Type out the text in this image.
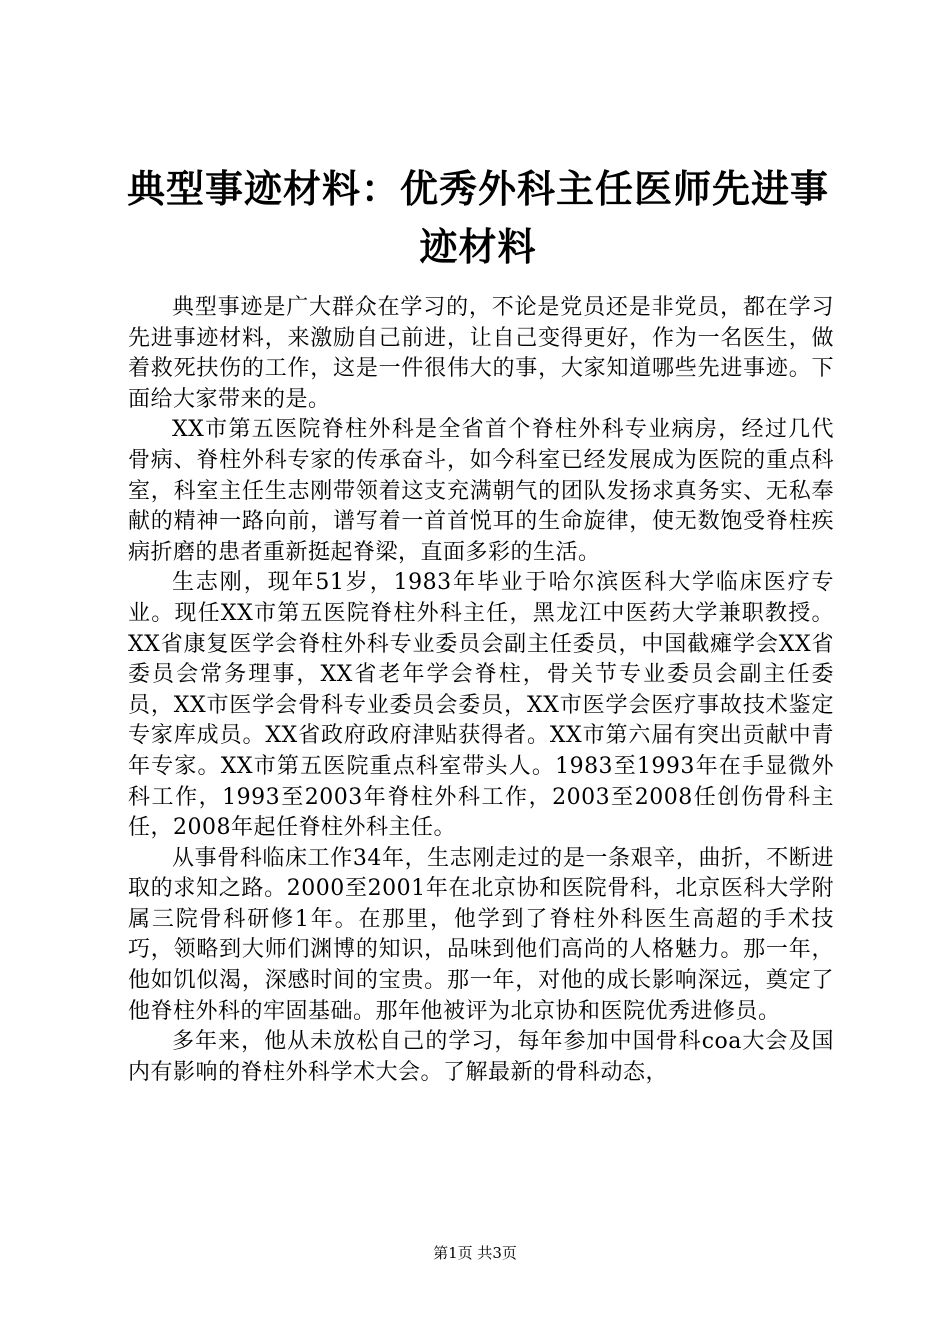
典型事迹材料：优秀外科主任医师先进事迹材料

典型事迹是广大群众在学习的，不论是党员还是非党员，都在学习先进事迹材料，来激励自己前进，让自己变得更好，作为一名医生，做着救死扶伤的工作，这是一件很伟大的事，大家知道哪些先进事迹。下面给大家带来的是。

XX市第五医院脊柱外科是全省首个脊柱外科专业病房，经过几代骨病、脊柱外科专家的传承奋斗，如今科室已经发展成为医院的重点科室，科室主任生志刚带领着这支充满朝气的团队发扬求真务实、无私奉献的精神一路向前，谱写着一首首悦耳的生命旋律，使无数饱受脊柱疾病折磨的患者重新挺起脊梁，直面多彩的生活。

生志刚，现年51岁，1983年毕业于哈尔滨医科大学临床医疗专业。现任XX市第五医院脊柱外科主任，黑龙江中医药大学兼职教授。XX省康复医学会脊柱外科专业委员会副主任委员，中国截瘫学会XX省委员会常务理事，XX省老年学会脊柱，骨关节专业委员会副主任委员，XX市医学会骨科专业委员会委员，XX市医学会医疗事故技术鉴定专家库成员。XX省政府政府津贴获得者。XX市第六届有突出贡献中青年专家。XX市第五医院重点科室带头人。1983至1993年在手显微外科工作，1993至2003年脊柱外科工作，2003至2008任创伤骨科主任，2008年起任脊柱外科主任。

从事骨科临床工作34年，生志刚走过的是一条艰辛，曲折，不断进取的求知之路。2000至2001年在北京协和医院骨科，北京医科大学附属三院骨科研修1年。在那里，他学到了脊柱外科医生高超的手术技巧，领略到大师们渊博的知识，品味到他们高尚的人格魅力。那一年，他如饥似渴，深感时间的宝贵。那一年，对他的成长影响深远，奠定了他脊柱外科的牢固基础。那年他被评为北京协和医院优秀进修员。

多年来，他从未放松自己的学习，每年参加中国骨科coa大会及国内有影响的脊柱外科学术大会。了解最新的骨科动态，

第1页 共3页
